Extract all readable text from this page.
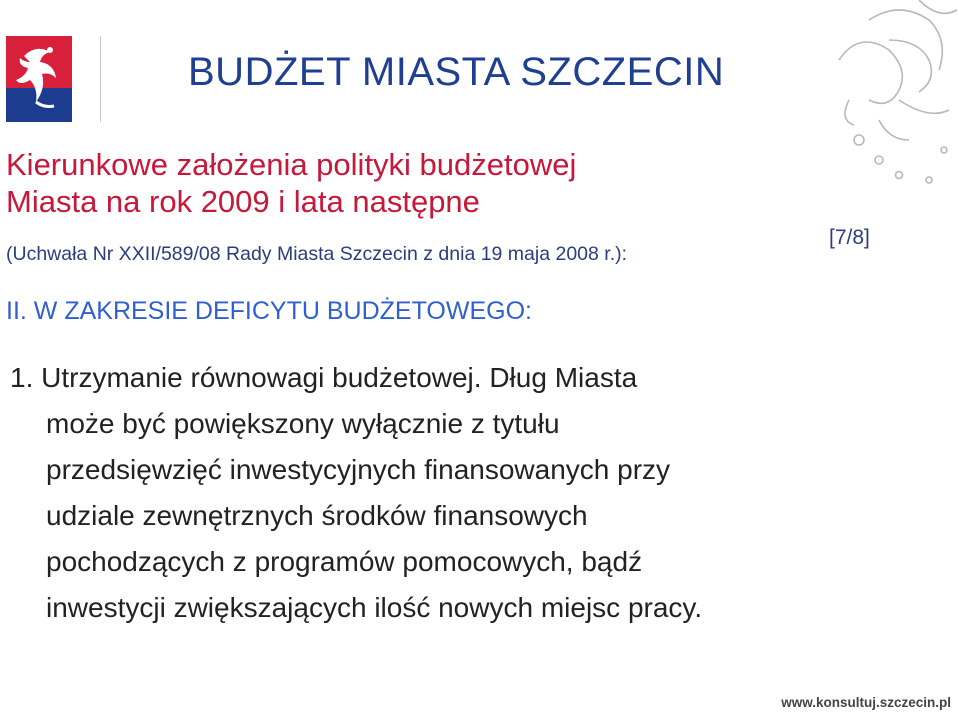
BUDŻET MIASTA SZCZECIN
Kierunkowe założenia polityki budżetowej
Miasta na rok 2009 i lata następne

(Uchwała Nr XXII/589/08 Rady Miasta Szczecin z dnia 19 maja 2008 r.):

[7/8]
II. W ZAKRESIE DEFICYTU BUDŻETOWEGO:
1. Utrzymanie równowagi budżetowej. Dług Miasta
może być powiększony wyłącznie z tytułu
przedsięwzięć inwestycyjnych finansowanych przy
udziale zewnętrznych środków finansowych
pochodzących z programów pomocowych, bądź
inwestycji zwiększających ilość nowych miejsc pracy.
www.konsultuj.szczecin.pl
